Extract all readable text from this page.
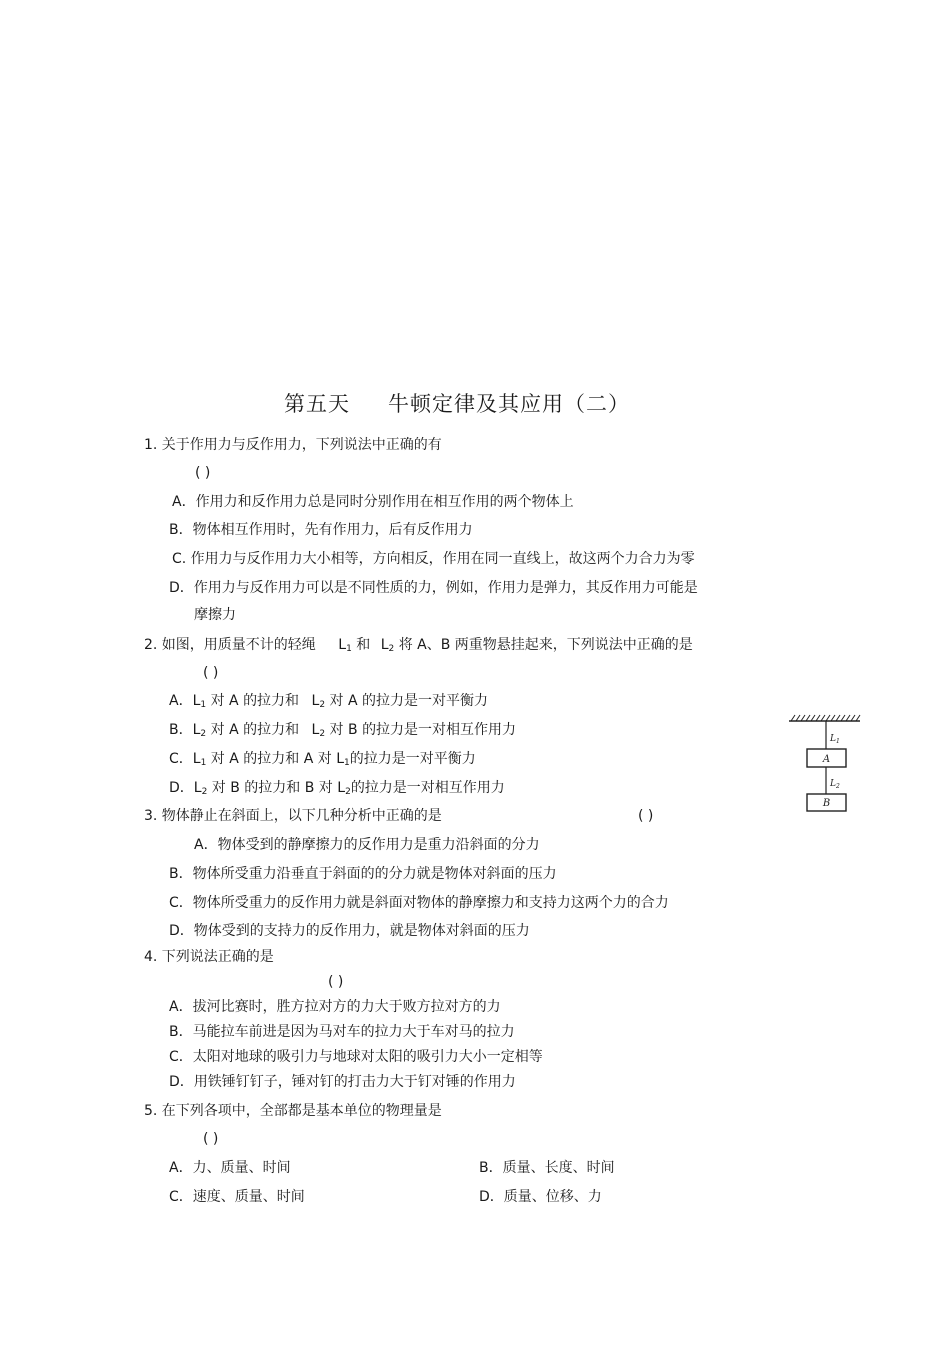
第五天 牛顿定律及其应用（二）
1. 关于作用力与反作用力，下列说法中正确的有
( )
A．作用力和反作用力总是同时分别作用在相互作用的两个物体上
B．物体相互作用时，先有作用力，后有反作用力
C. 作用力与反作用力大小相等，方向相反，作用在同一直线上，故这两个力合力为零
D．作用力与反作用力可以是不同性质的力，例如，作用力是弹力，其反作用力可能是
摩擦力
2. 如图，用质量不计的轻绳 $L_1$ 和 $L_2$ 将 A、B 两重物悬挂起来，下列说法中正确的是
( )
A．$L_1$ 对 A 的拉力和 $L_2$ 对 A 的拉力是一对平衡力
B．$L_2$ 对 A 的拉力和 $L_2$ 对 B 的拉力是一对相互作用力
C．$L_1$ 对 A 的拉力和 A 对 $L_1$的拉力是一对平衡力
D．$L_2$ 对 B 的拉力和 B 对 $L_2$的拉力是一对相互作用力
$L_1$
A
$L_2$
B
3. 物体静止在斜面上，以下几种分析中正确的是	( )
A．物体受到的静摩擦力的反作用力是重力沿斜面的分力
B．物体所受重力沿垂直于斜面的的分力就是物体对斜面的压力
C．物体所受重力的反作用力就是斜面对物体的静摩擦力和支持力这两个力的合力
D．物体受到的支持力的反作用力，就是物体对斜面的压力
4. 下列说法正确的是
( )
A．拔河比赛时，胜方拉对方的力大于败方拉对方的力
B．马能拉车前进是因为马对车的拉力大于车对马的拉力
C．太阳对地球的吸引力与地球对太阳的吸引力大小一定相等
D．用铁锤钉钉子，锤对钉的打击力大于钉对锤的作用力
5. 在下列各项中，全部都是基本单位的物理量是
( )
A．力、质量、时间	B．质量、长度、时间
C．速度、质量、时间	D．质量、位移、力
